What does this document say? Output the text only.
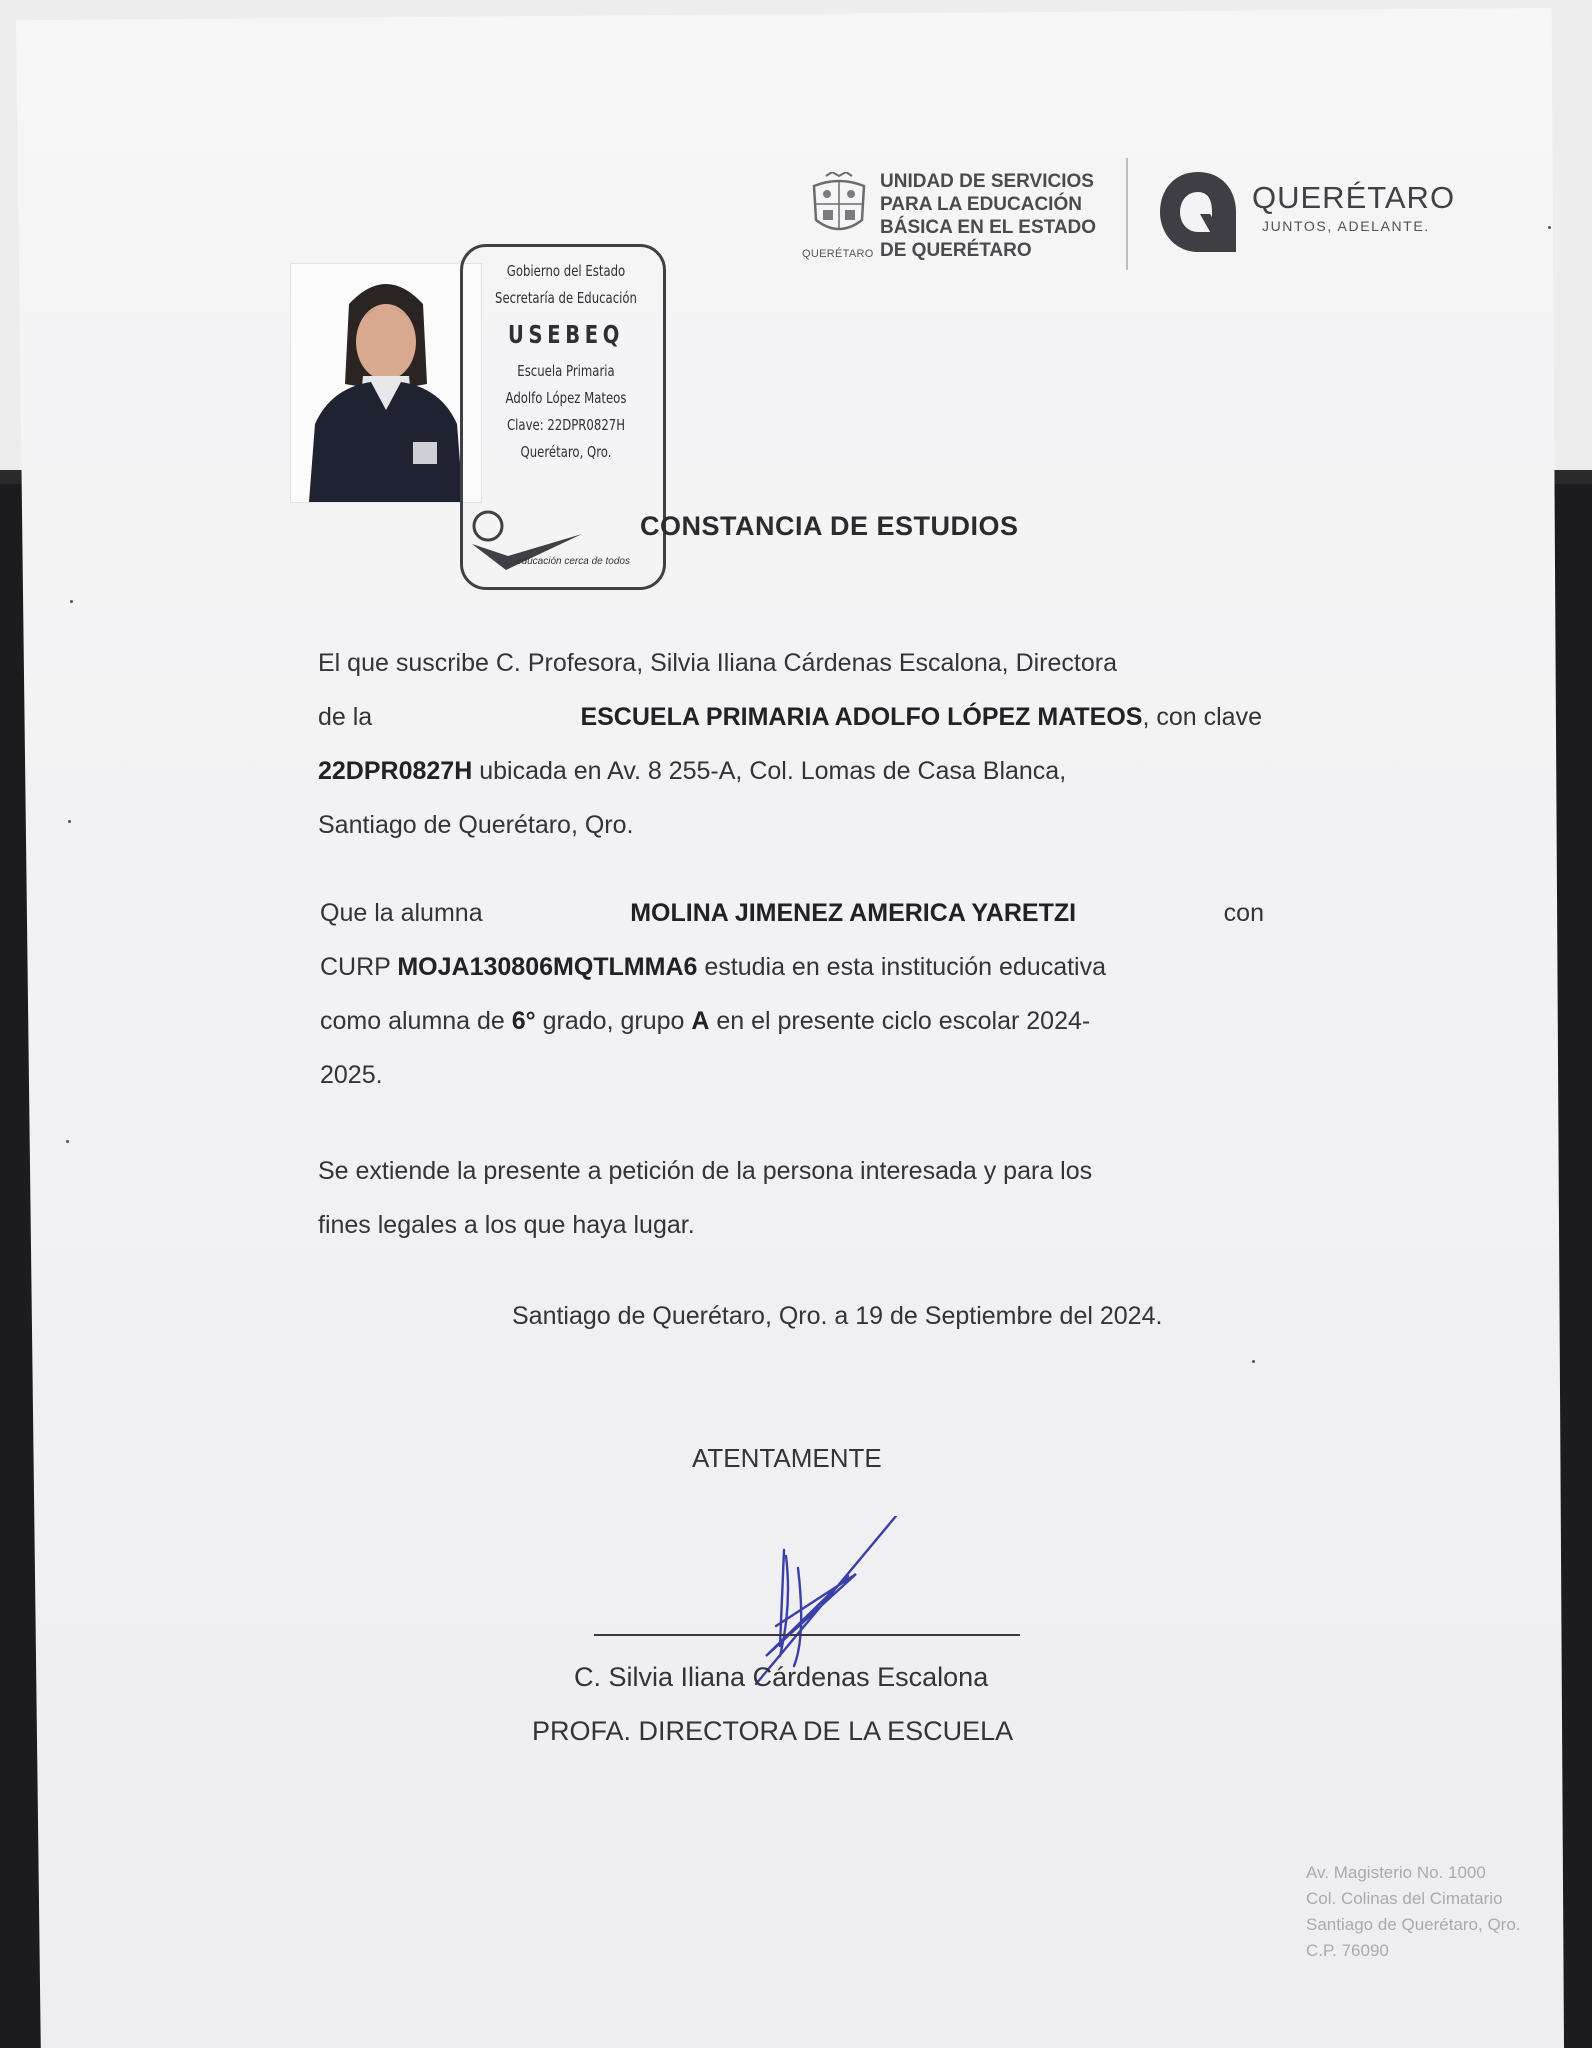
QUERÉTARO
UNIDAD DE SERVICIOS
PARA LA EDUCACIÓN
BÁSICA EN EL ESTADO
DE QUERÉTARO
QUERÉTARO
JUNTOS, ADELANTE.
Gobierno del Estado
Secretaría de Educación
USEBEQ
Escuela Primaria
Adolfo López Mateos
Clave: 22DPR0827H
Querétaro, Qro.
educación cerca de todos
CONSTANCIA DE ESTUDIOS
El que suscribe C. Profesora, Silvia Iliana Cárdenas Escalona, Directora
de la	ESCUELA PRIMARIA ADOLFO LÓPEZ MATEOS, con clave
22DPR0827H ubicada en Av. 8 255-A, Col. Lomas de Casa Blanca,
Santiago de Querétaro, Qro.
Que la alumna	MOLINA JIMENEZ AMERICA YARETZI	con
CURP MOJA130806MQTLMMA6 estudia en esta institución educativa
como alumna de 6° grado, grupo A en el presente ciclo escolar 2024-
2025.
Se extiende la presente a petición de la persona interesada y para los
fines legales a los que haya lugar.
Santiago de Querétaro, Qro. a 19 de Septiembre del 2024.
ATENTAMENTE
C. Silvia Iliana Cárdenas Escalona
PROFA. DIRECTORA DE LA ESCUELA
Av. Magisterio No. 1000
Col. Colinas del Cimatario
Santiago de Querétaro, Qro.
C.P. 76090
